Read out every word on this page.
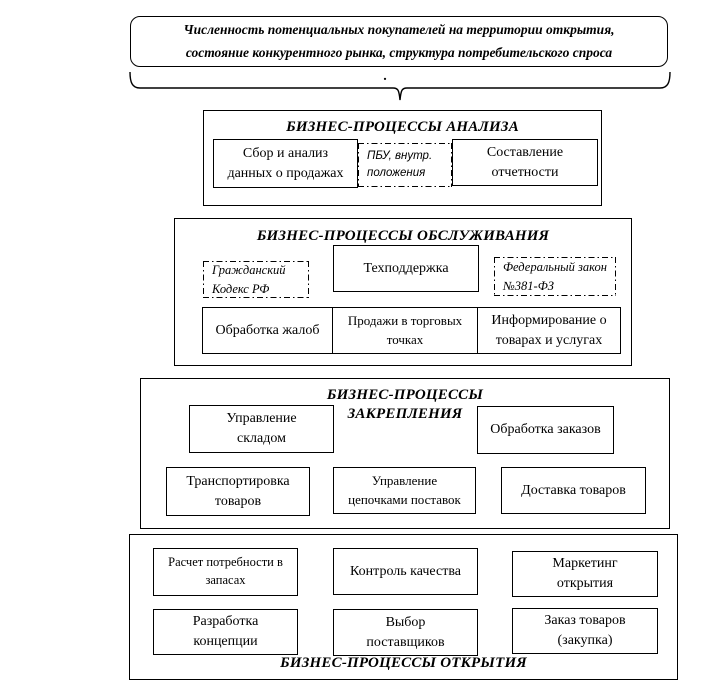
Численность потенциальных покупателей на территории открытия,
состояние конкурентного рынка, структура потребительского спроса
.
БИЗНЕС-ПРОЦЕССЫ АНАЛИЗА
Сбор и анализ
данных о продажах
ПБУ, внутр.
положения
Составление
отчетности
БИЗНЕС-ПРОЦЕССЫ ОБСЛУЖИВАНИЯ
Гражданский
Кодекс РФ
Техподдержка	Федеральный закон
№381-ФЗ
Обработка жалоб
Продажи в торговых
точках
Информирование о
товарах и услугах
БИЗНЕС-ПРОЦЕССЫ
ЗАКРЕПЛЕНИЯ
Управление
складом
Обработка заказов
Транспортировка
товаров
Управление
цепочками поставок
Доставка товаров
Расчет потребности в
запасах
Контроль качества	Маркетинг
открытия
Разработка
концепции
Выбор
поставщиков
Заказ товаров
(закупка)
БИЗНЕС-ПРОЦЕССЫ ОТКРЫТИЯ
